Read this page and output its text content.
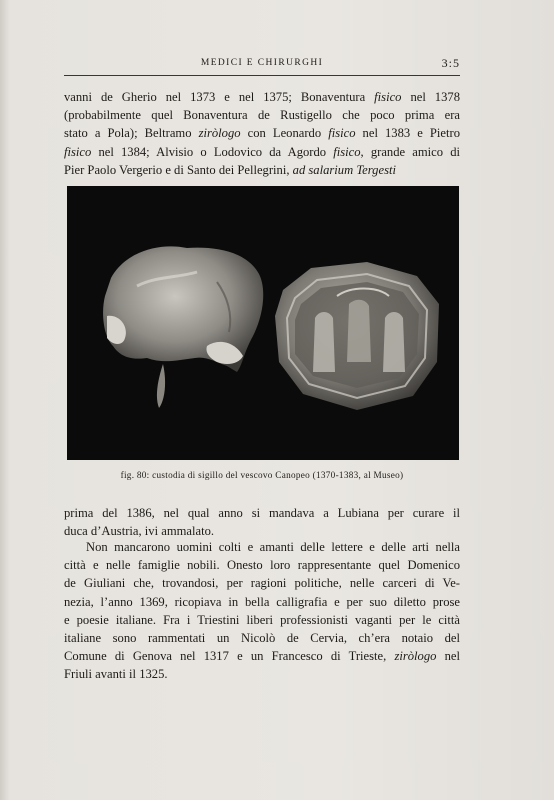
MEDICI E CHIRURGHI	3:5

vanni de Gherio nel 1373 e nel 1375; Bonaventura fisico nel 1378
(probabilmente quel Bonaventura de Rustigello che poco prima era
stato a Pola); Beltramo ziròlogo con Leonardo fisico nel 1383 e Pietro
fisico nel 1384; Alvisio o Lodovico da Agordo fisico, grande amico di
Pier Paolo Vergerio e di Santo dei Pellegrini, ad salarium Tergesti

fig. 80: custodia di sigillo del vescovo Canopeo (1370-1383, al Museo)

prima del 1386, nel qual anno si mandava a Lubiana per curare il
duca d’Austria, ivi ammalato.

Non mancarono uomini colti e amanti delle lettere e delle arti nella
città e nelle famiglie nobili. Onesto loro rappresentante quel Domenico
de Giuliani che, trovandosi, per ragioni politiche, nelle carceri di Ve-
nezia, l’anno 1369, ricopiava in bella calligrafia e per suo diletto prose
e poesie italiane. Fra i Triestini liberi professionisti vaganti per le città
italiane sono rammentati un Nicolò de Cervia, ch’era notaio del
Comune di Genova nel 1317 e un Francesco di Trieste, ziròlogo nel
Friuli avanti il 1325.
